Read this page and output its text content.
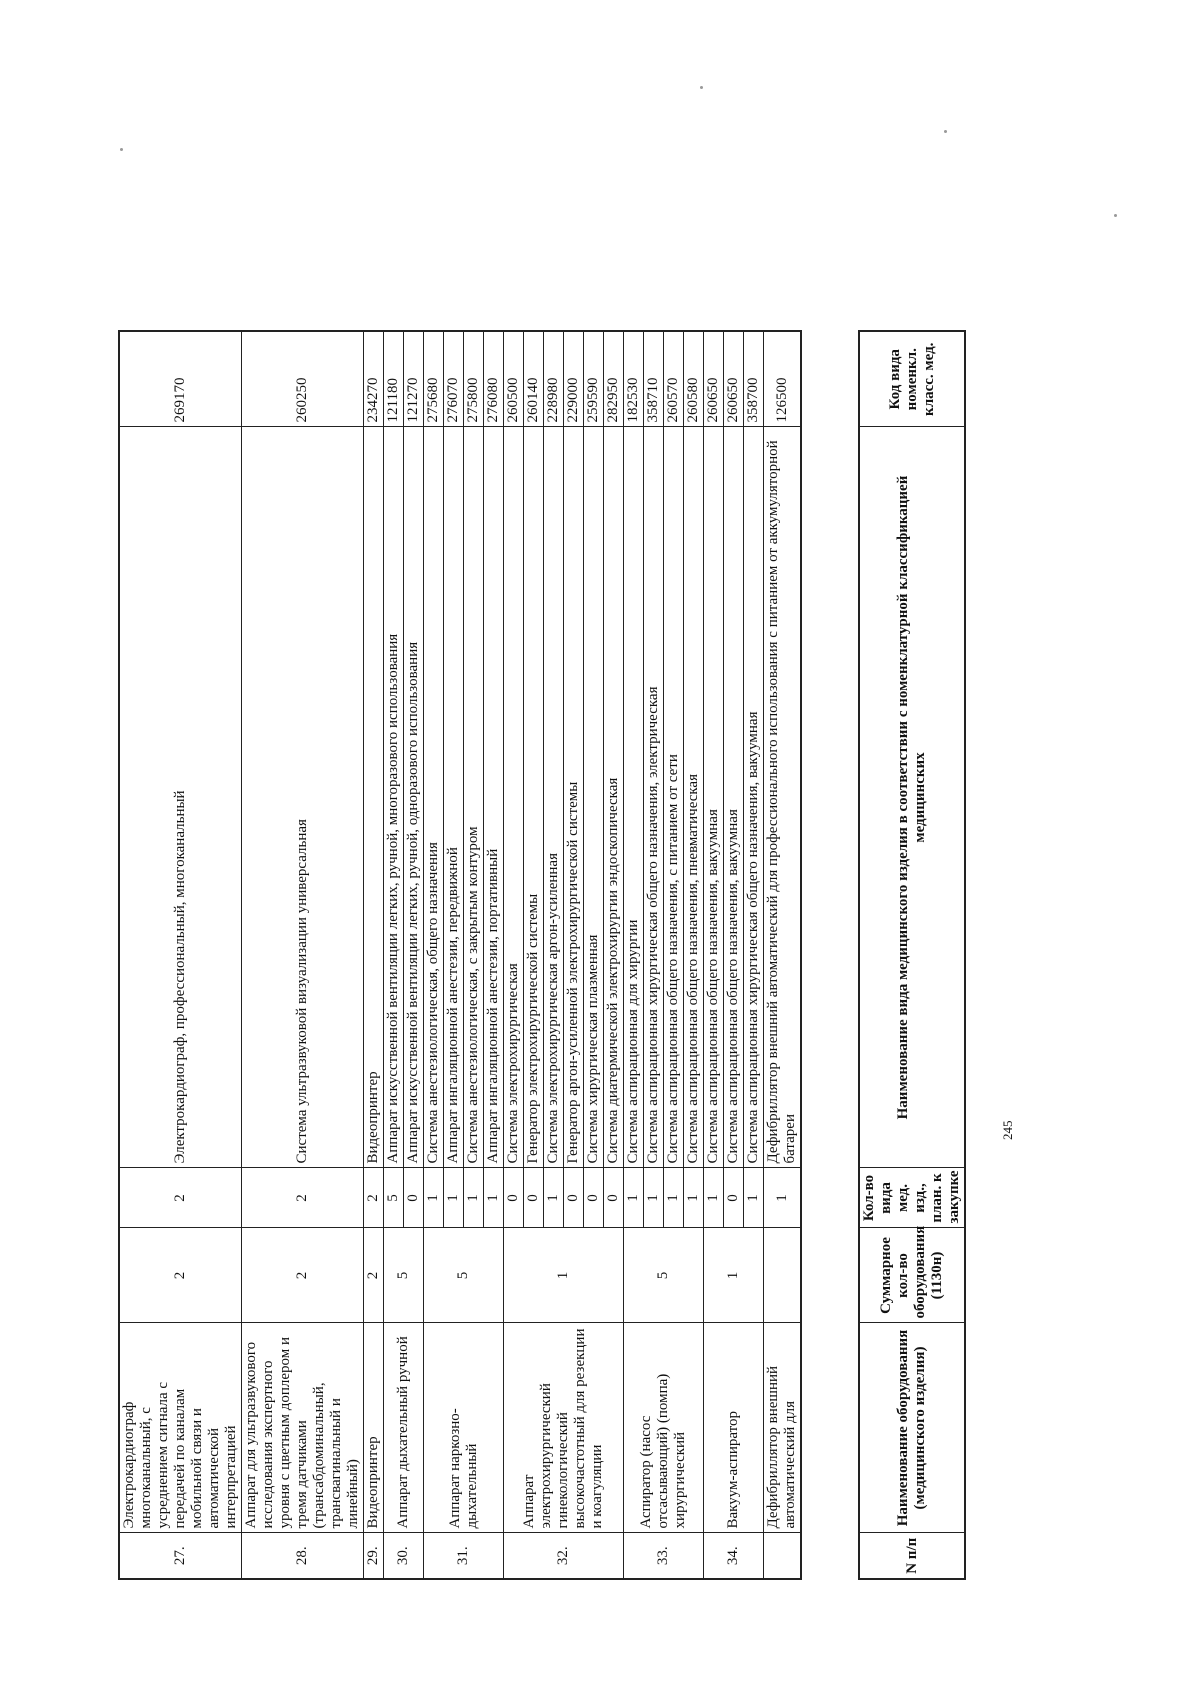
27.	Электрокардиограф многоканальный, с усреднением сигнала с передачей по каналам мобильной связи и автоматической интерпретацией	2	2	Электрокардиограф, профессиональный, многоканальный	269170
28.	Аппарат для ультразвукового исследования экспертного уровня с цветным доплером и тремя датчиками (трансабдоминальный, трансвагинальный и линейный)	2	2	Система ультразвуковой визуализации универсальная	260250
29.	Видеопринтер	2	2	Видеопринтер	234270
30.	Аппарат дыхательный ручной	5	5	Аппарат искусственной вентиляции легких, ручной, многоразового использования	121180
			0	Аппарат искусственной вентиляции легких, ручной, одноразового использования	121270
31.	Аппарат наркозно- дыхательный	5	1	Система анестезиологическая, общего назначения	275680
			1	Аппарат ингаляционной анестезии, передвижной	276070
			1	Система анестезиологическая, с закрытым контуром	275800
			1	Аппарат ингаляционной анестезии, портативный	276080
32.	Аппарат электрохирургический гинекологический высокочастотный для резекции и коагуляции	1	0	Система электрохирургическая	260500
			0	Генератор электрохирургической системы	260140
			1	Система электрохирургическая аргон-усиленная	228980
			0	Генератор аргон-усиленной электрохирургической системы	229000
			0	Система хирургическая плазменная	259590
			0	Система диатермической электрохирургии эндоскопическая	282950
33.	Аспиратор (насос отсасывающий) (помпа) хирургический	5	1	Система аспирационная для хирургии	182530
			1	Система аспирационная хирургическая общего назначения, электрическая	358710
			1	Система аспирационная общего назначения, с питанием от сети	260570
			1	Система аспирационная общего назначения, пневматическая	260580
34.	Вакуум-аспиратор	1	1	Система аспирационная общего назначения, вакуумная	260650
			0	Система аспирационная общего назначения, вакуумная	260650
			1	Система аспирационная хирургическая общего назначения, вакуумная	358700
	Дефибриллятор внешний автоматический для		1	Дефибриллятор внешний автоматический для профессионального использования с питанием от аккумуляторной батареи	126500
N п/п	Наименование оборудования (медицинского изделия)	Суммарное кол-во оборудования (1130н)	Кол-во вида мед. изд., план. к закупке	Наименование вида медицинского изделия в соответствии с номенклатурной классификацией медицинских	Код вида номенкл. класс. мед.
245
